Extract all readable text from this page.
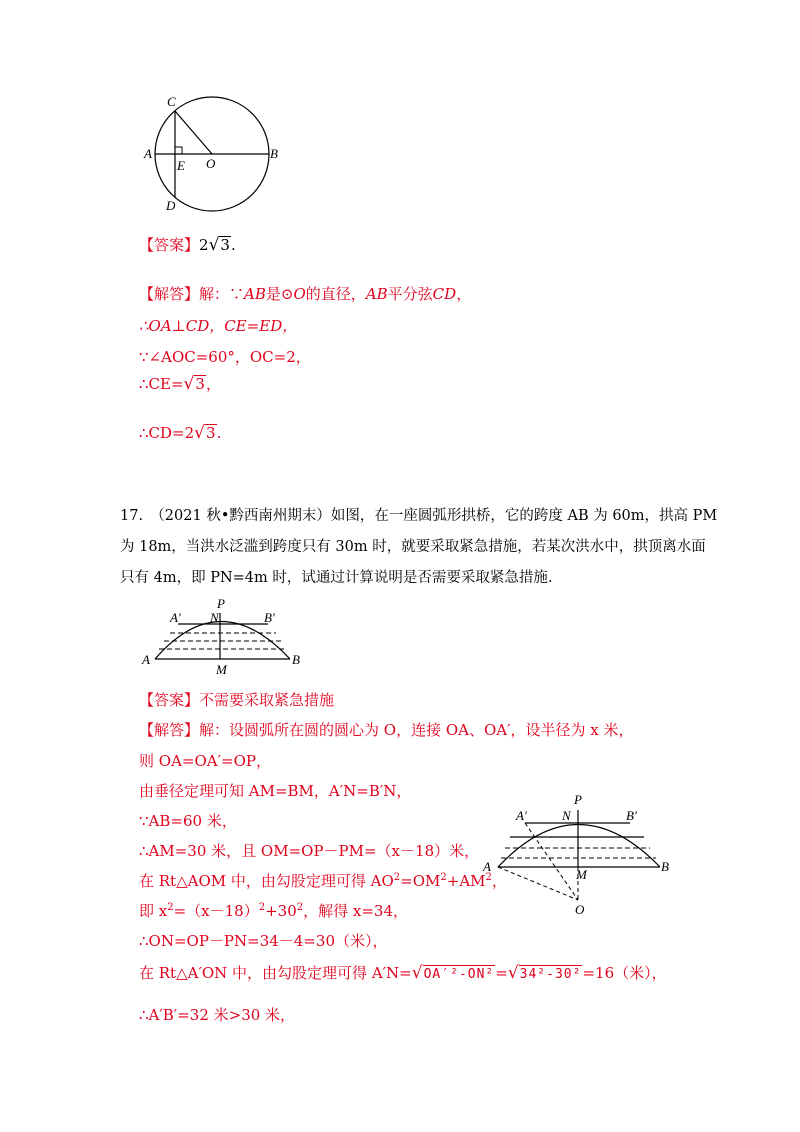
C
A
E O
B
D
【答案】2√3.
【解答】解：∵AB是⊙O的直径，AB平分弦CD，
∴OA⊥CD，CE=ED，
∵∠AOC=60°，OC=2，
∴CE=√3，
∴CD=2√3.
17.　（2021 秋•黔西南州期末）如图，在一座圆弧形拱桥，它的跨度 AB 为 60m，拱高 PM
为 18m，当洪水泛滥到跨度只有 30m 时，就要采取紧急措施，若某次洪水中，拱顶离水面
只有 4m，即 PN=4m 时，试通过计算说明是否需要采取紧急措施.
P
A′ N	B′
A
M
B
【答案】不需要采取紧急措施
【解答】解：设圆弧所在圆的圆心为 O，连接 OA、OA′，设半径为 x 米，
则 OA=OA′=OP，
由垂径定理可知 AM=BM，A′N=B′N，
∵AB=60 米，
∴AM=30 米，且 OM=OP－PM=（x－18）米，
在 Rt△AOM 中，由勾股定理可得 $AO^2=OM^2+AM^2$，
即 $x^2=(x-18)^2+30^2$，解得 x=34，
∴ON=OP－PN=34－4=30（米），
在 Rt△A′ON 中，由勾股定理可得 A′N=√OA′²-ON²=√34²-30²=16（米），
∴A′B′=32 米>30 米，
P
A′	N	B′
A
M
B
O
